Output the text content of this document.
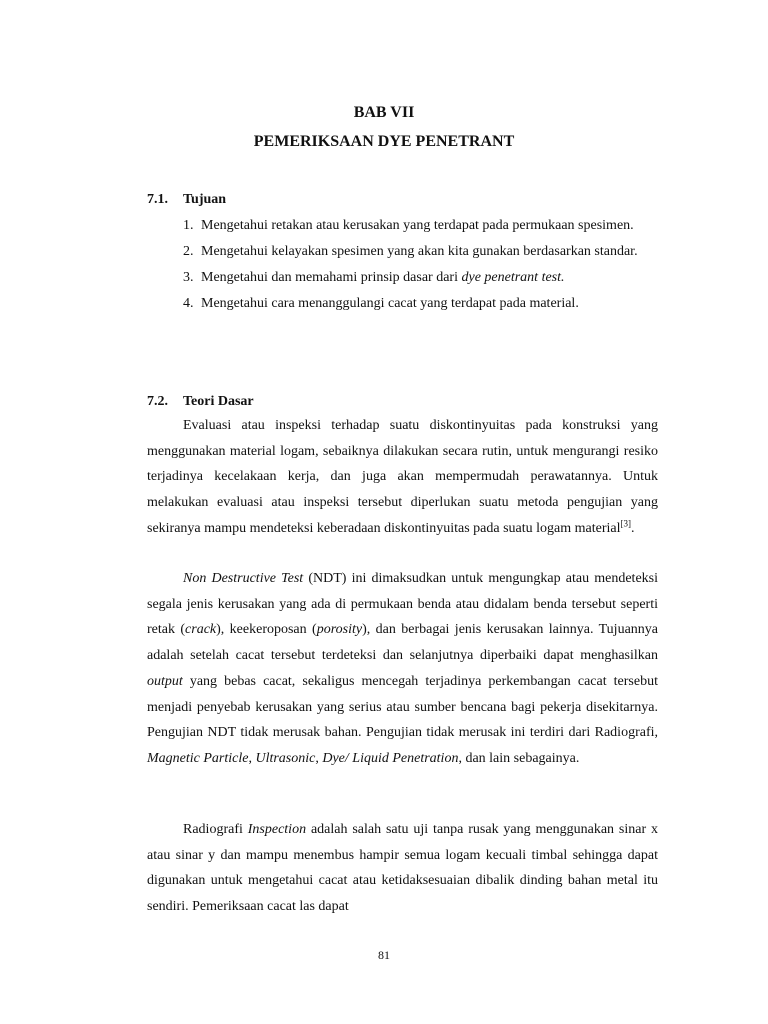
BAB VII
PEMERIKSAAN DYE PENETRANT
7.1. Tujuan
1. Mengetahui retakan atau kerusakan yang terdapat pada permukaan spesimen.
2. Mengetahui kelayakan spesimen yang akan kita gunakan berdasarkan standar.
3. Mengetahui dan memahami prinsip dasar dari dye penetrant test.
4. Mengetahui cara menanggulangi cacat yang terdapat pada material.
7.2. Teori Dasar

Evaluasi atau inspeksi terhadap suatu diskontinyuitas pada konstruksi yang menggunakan material logam, sebaiknya dilakukan secara rutin, untuk mengurangi resiko terjadinya kecelakaan kerja, dan juga akan mempermudah perawatannya. Untuk melakukan evaluasi atau inspeksi tersebut diperlukan suatu metoda pengujian yang sekiranya mampu mendeteksi keberadaan diskontinyuitas pada suatu logam material[3].

Non Destructive Test (NDT) ini dimaksudkan untuk mengungkap atau mendeteksi segala jenis kerusakan yang ada di permukaan benda atau didalam benda tersebut seperti retak (crack), keekeroposan (porosity), dan berbagai jenis kerusakan lainnya. Tujuannya adalah setelah cacat tersebut terdeteksi dan selanjutnya diperbaiki dapat menghasilkan output yang bebas cacat, sekaligus mencegah terjadinya perkembangan cacat tersebut menjadi penyebab kerusakan yang serius atau sumber bencana bagi pekerja disekitarnya. Pengujian NDT tidak merusak bahan. Pengujian tidak merusak ini terdiri dari Radiografi, Magnetic Particle, Ultrasonic, Dye/ Liquid Penetration, dan lain sebagainya.

Radiografi Inspection adalah salah satu uji tanpa rusak yang menggunakan sinar x atau sinar y dan mampu menembus hampir semua logam kecuali timbal sehingga dapat digunakan untuk mengetahui cacat atau ketidaksesuaian dibalik dinding bahan metal itu sendiri. Pemeriksaan cacat las dapat

81
